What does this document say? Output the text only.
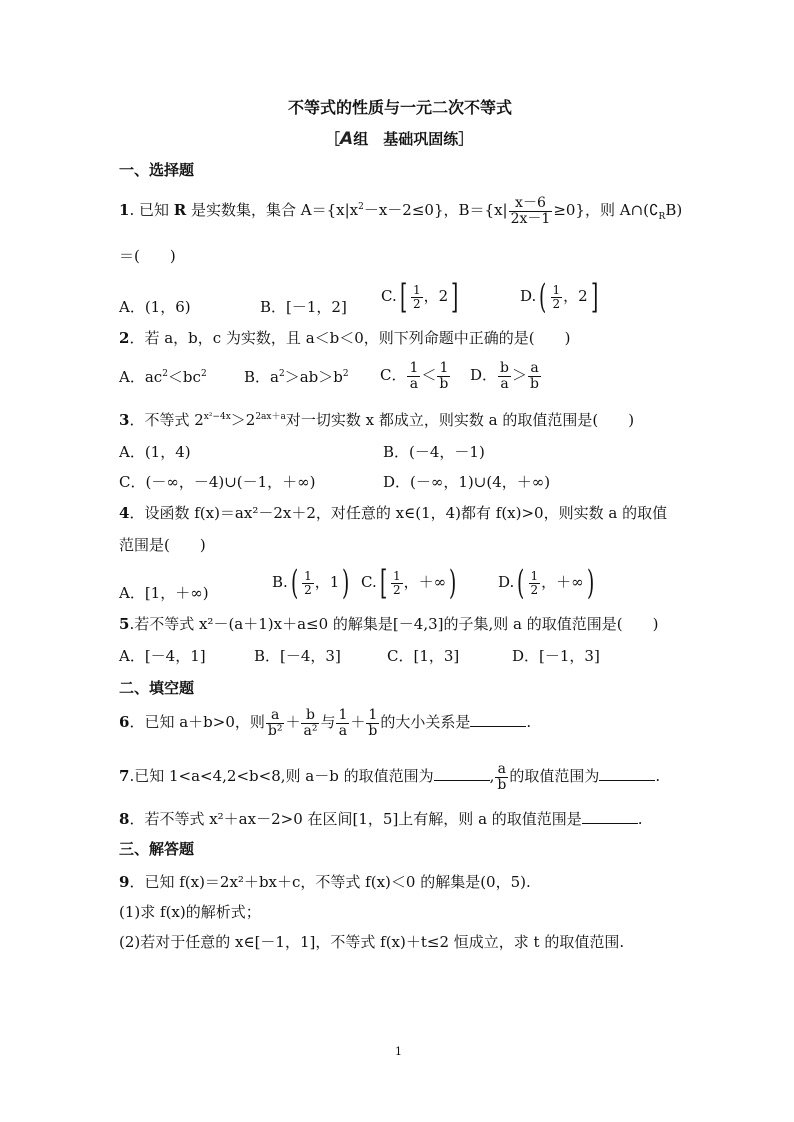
不等式的性质与一元二次不等式
［A组　基础巩固练］
一、选择题
1. 已知 R 是实数集，集合 $A=\{x|x^2-x-2\le 0\}$，$B=\{x| \frac{x-6}{2x-1} \ge 0\}$，则 $A\cap(∁_RB)$
＝(　　)
A．(1，6)	B．[－1，2]
$C.[ \frac{1}{2}$ ，2]	$D.( \frac{1}{2}$ ，2]
2．若 a，b，c 为实数，且 a＜b＜0，则下列命题中正确的是(　　)
A．$ac^2<bc^2$ B．$a^2>ab>b^2$ C． $\frac{1}{a} < \frac{1}{b}$ D． $\frac{b}{a} > \frac{a}{b}$
3．不等式 $2^{x^2-4x}>2^{2ax+a}$对一切实数 x 都成立，则实数 a 的取值范围是(　　)
A．(1，4)	B．(－4，－1)
C．(－∞，－4)∪(－1，＋∞)	D．(－∞，1)∪(4，＋∞)
4．设函数 f(x)＝ax²－2x＋2，对任意的 x∈(1，4)都有 f(x)>0，则实数 a 的取值
范围是(　　)
A．[1，＋∞)
$B.( \frac{1}{2}$ ，1) $C.[ \frac{1}{2}$ ，＋∞)	$D.( \frac{1}{2}$ ，＋∞)
5.若不等式 x²－(a＋1)x＋a≤0 的解集是[－4,3]的子集,则 a 的取值范围是(　　)
A．[－4，1]	B．[－4，3]	C．[1，3]	D．[－1，3]
二、填空题
6．已知 a＋b>0，则 $\frac{a}{\text{b²}} + \frac{b}{\text{a²}}$ 与 $\frac{1}{a} + \frac{1}{b}$ 的大小关系是	.
7.已知 1<a<4,2<b<8,则 a－b 的取值范围为	, $\frac{a}{b}$ 的取值范围为	.
8．若不等式 x²＋ax－2>0 在区间[1，5]上有解，则 a 的取值范围是	.
三、解答题
9．已知 f(x)＝2x²＋bx＋c，不等式 f(x)＜0 的解集是(0，5).
(1)求 f(x)的解析式；
(2)若对于任意的 x∈[－1，1]，不等式 f(x)＋t≤2 恒成立，求 t 的取值范围.
1
